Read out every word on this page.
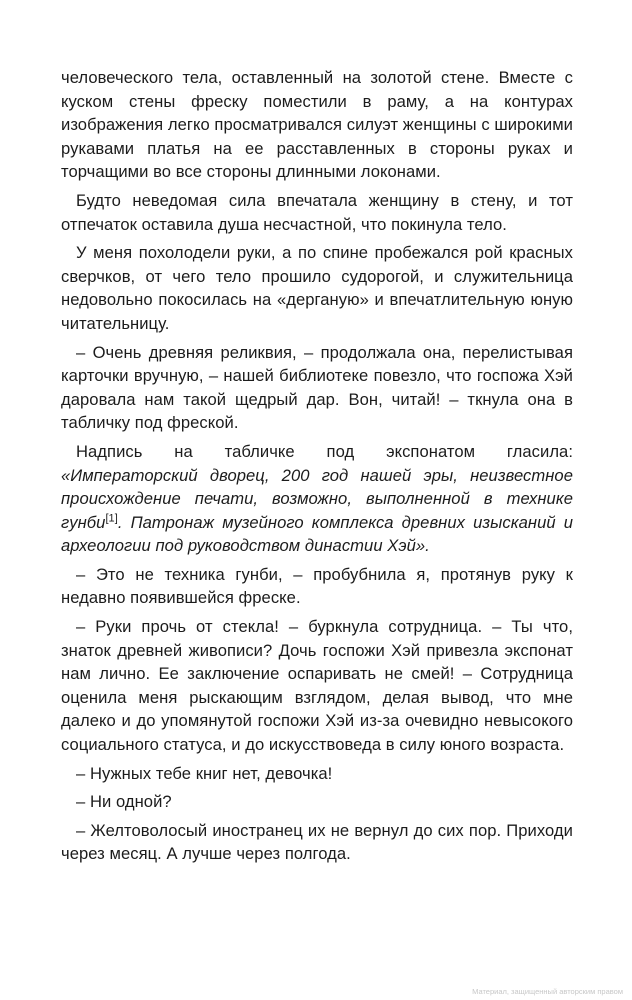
человеческого тела, оставленный на золотой стене. Вместе с куском стены фреску поместили в раму, а на контурах изображения легко просматривался силуэт женщины с широкими рукавами платья на ее расставленных в стороны руках и торчащими во все стороны длинными локонами.

Будто неведомая сила впечатала женщину в стену, и тот отпечаток оставила душа несчастной, что покинула тело.

У меня похолодели руки, а по спине пробежался рой красных сверчков, от чего тело прошило судорогой, и служительница недовольно покосилась на «дерганую» и впечатлительную юную читательницу.

– Очень древняя реликвия, – продолжала она, перелистывая карточки вручную, – нашей библиотеке повезло, что госпожа Хэй даровала нам такой щедрый дар. Вон, читай! – ткнула она в табличку под фреской.

Надпись на табличке под экспонатом гласила: «Императорский дворец, 200 год нашей эры, неизвестное происхождение печати, возможно, выполненной в технике гунби[1]. Патронаж музейного комплекса древних изысканий и археологии под руководством династии Хэй».

– Это не техника гунби, – пробубнила я, протянув руку к недавно появившейся фреске.

– Руки прочь от стекла! – буркнула сотрудница. – Ты что, знаток древней живописи? Дочь госпожи Хэй привезла экспонат нам лично. Ее заключение оспаривать не смей! – Сотрудница оценила меня рыскающим взглядом, делая вывод, что мне далеко и до упомянутой госпожи Хэй из-за очевидно невысокого социального статуса, и до искусствоведа в силу юного возраста.

– Нужных тебе книг нет, девочка!

– Ни одной?

– Желтоволосый иностранец их не вернул до сих пор. Приходи через месяц. А лучше через полгода.

Материал, защищенный авторским правом
